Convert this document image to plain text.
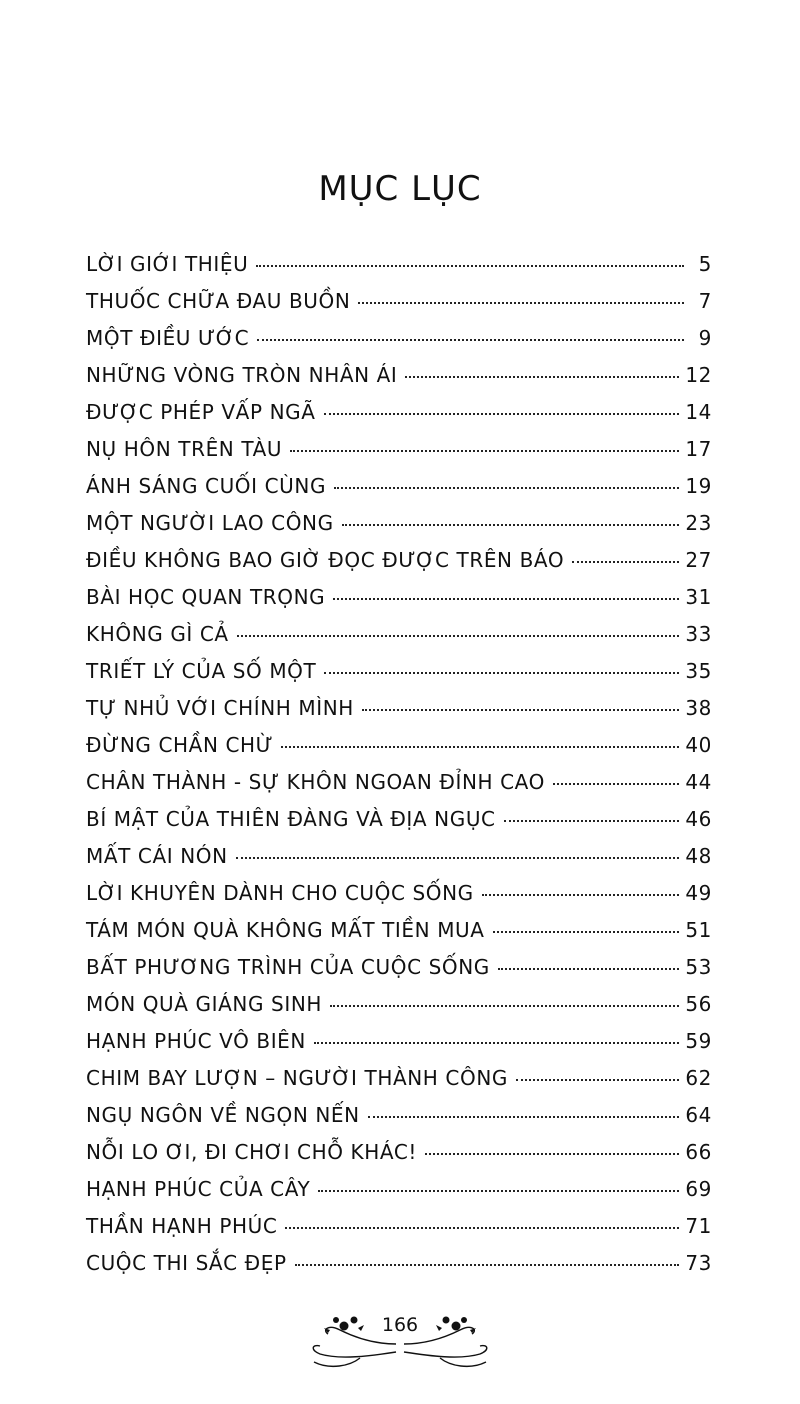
MỤC LỤC
LỜI GIỚI THIỆU	5
THUỐC CHỮA ĐAU BUỒN	7
MỘT ĐIỀU ƯỚC	9
NHỮNG VÒNG TRÒN NHÂN ÁI	12
ĐƯỢC PHÉP VẤP NGÃ	14
NỤ HÔN TRÊN TÀU	17
ÁNH SÁNG CUỐI CÙNG	19
MỘT NGƯỜI LAO CÔNG	23
ĐIỀU KHÔNG BAO GIỜ ĐỌC ĐƯỢC TRÊN BÁO	27
BÀI HỌC QUAN TRỌNG	31
KHÔNG GÌ CẢ	33
TRIẾT LÝ CỦA SỐ MỘT	35
TỰ NHỦ VỚI CHÍNH MÌNH	38
ĐỪNG CHẦN CHỪ	40
CHÂN THÀNH - SỰ KHÔN NGOAN ĐỈNH CAO	44
BÍ MẬT CỦA THIÊN ĐÀNG VÀ ĐỊA NGỤC	46
MẤT CÁI NÓN	48
LỜI KHUYÊN DÀNH CHO CUỘC SỐNG	49
TÁM MÓN QUÀ KHÔNG MẤT TIỀN MUA	51
BẤT PHƯƠNG TRÌNH CỦA CUỘC SỐNG	53
MÓN QUÀ GIÁNG SINH	56
HẠNH PHÚC VÔ BIÊN	59
CHIM BAY LƯỢN – NGƯỜI THÀNH CÔNG	62
NGỤ NGÔN VỀ NGỌN NẾN	64
NỖI LO ƠI, ĐI CHƠI CHỖ KHÁC!	66
HẠNH PHÚC CỦA CÂY	69
THẦN HẠNH PHÚC	71
CUỘC THI SẮC ĐẸP	73
166
